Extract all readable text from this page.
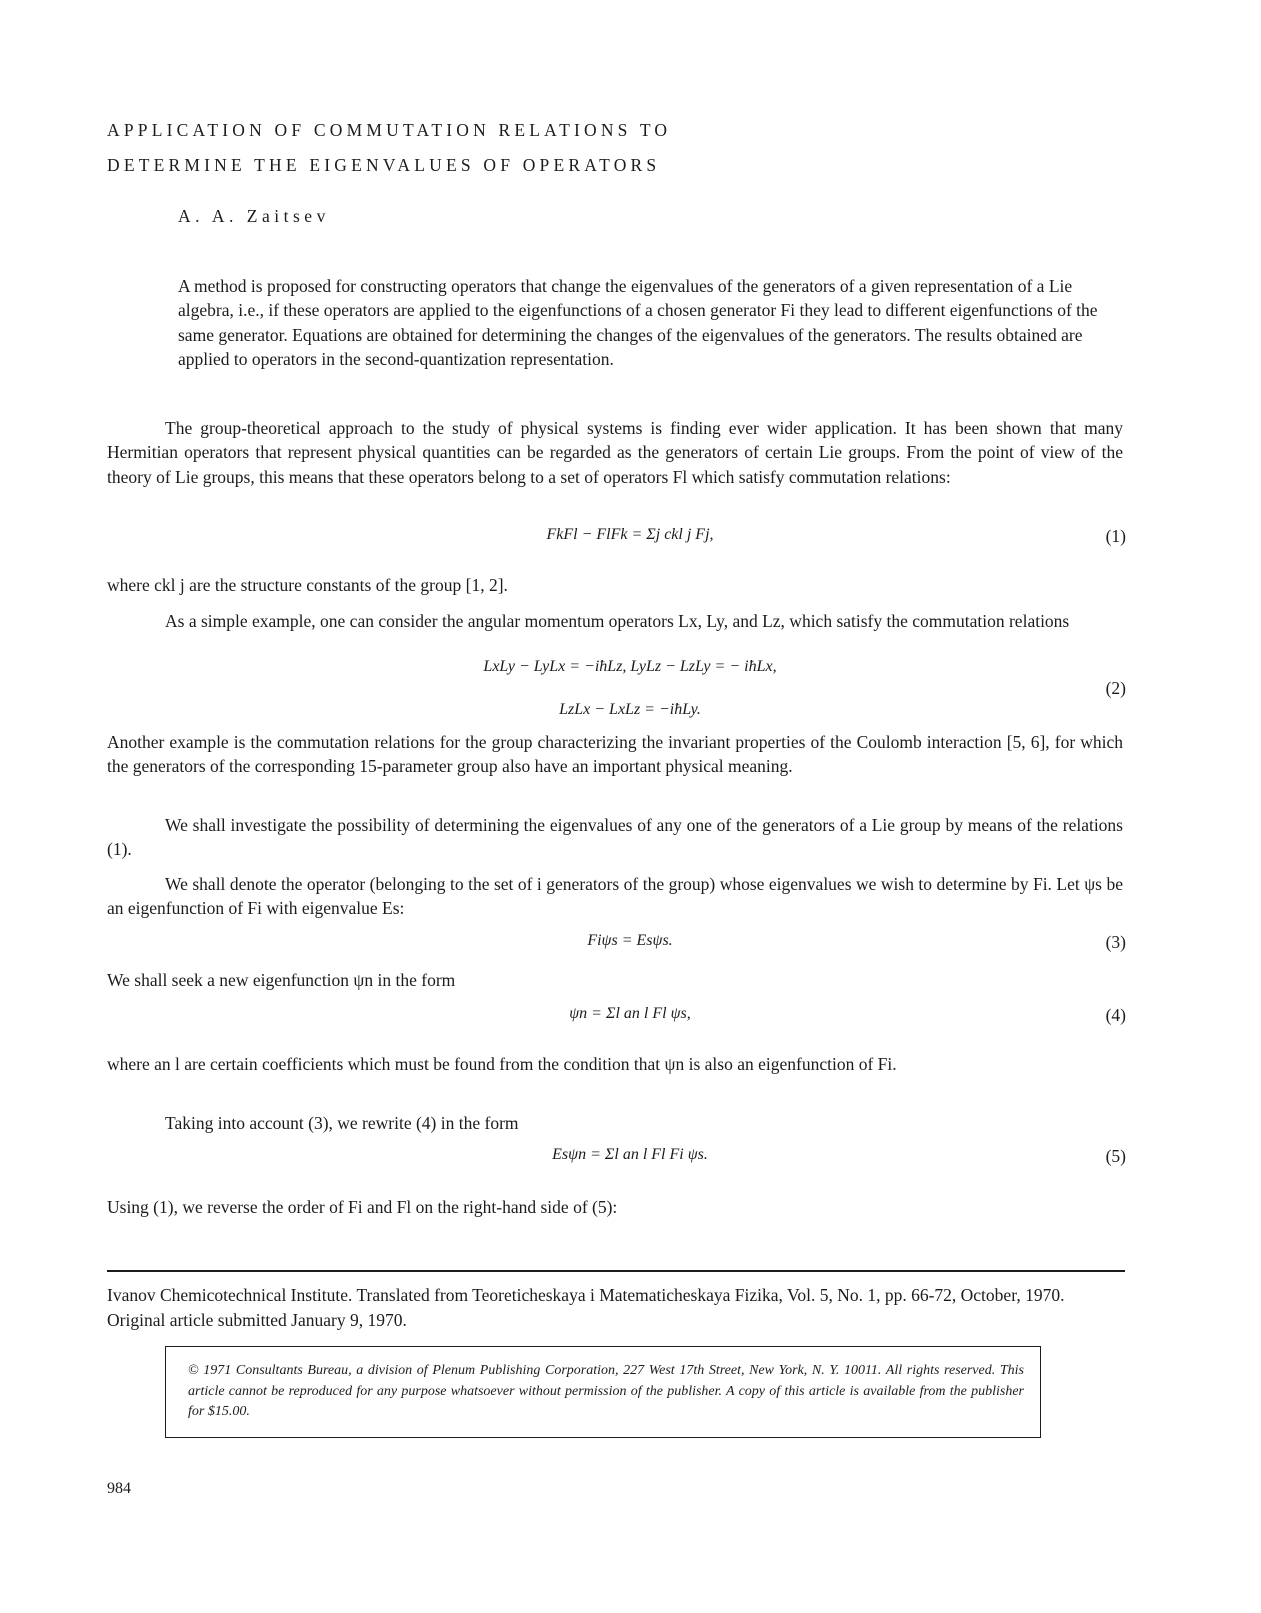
APPLICATION OF COMMUTATION RELATIONS TO
DETERMINE THE EIGENVALUES OF OPERATORS
A. A. Zaitsev
A method is proposed for constructing operators that change the eigenvalues of the generators of a given representation of a Lie algebra, i.e., if these operators are applied to the eigenfunctions of a chosen generator Fi they lead to different eigenfunctions of the same generator. Equations are obtained for determining the changes of the eigenvalues of the generators. The results obtained are applied to operators in the second-quantization representation.
The group-theoretical approach to the study of physical systems is finding ever wider application. It has been shown that many Hermitian operators that represent physical quantities can be regarded as the generators of certain Lie groups. From the point of view of the theory of Lie groups, this means that these operators belong to a set of operators Fl which satisfy commutation relations:
FkFl − FlFk = Σj ckl j Fj,	(1)
where ckl j are the structure constants of the group [1, 2].
As a simple example, one can consider the angular momentum operators Lx, Ly, and Lz, which satisfy the commutation relations
LxLy − LyLx = −iħLz, LyLz − LzLy = − iħLx,
(2)
LzLx − LxLz = −iħLy.
Another example is the commutation relations for the group characterizing the invariant properties of the Coulomb interaction [5, 6], for which the generators of the corresponding 15-parameter group also have an important physical meaning.
We shall investigate the possibility of determining the eigenvalues of any one of the generators of a Lie group by means of the relations (1).
We shall denote the operator (belonging to the set of i generators of the group) whose eigenvalues we wish to determine by Fi. Let ψs be an eigenfunction of Fi with eigenvalue Es:
Fiψs = Esψs.	(3)
We shall seek a new eigenfunction ψn in the form
ψn = Σl an l Fl ψs,	(4)
where an l are certain coefficients which must be found from the condition that ψn is also an eigenfunction of Fi.
Taking into account (3), we rewrite (4) in the form
Esψn = Σl an l Fl Fi ψs.	(5)
Using (1), we reverse the order of Fi and Fl on the right-hand side of (5):
Ivanov Chemicotechnical Institute. Translated from Teoreticheskaya i Matematicheskaya Fizika, Vol. 5, No. 1, pp. 66-72, October, 1970. Original article submitted January 9, 1970.
© 1971 Consultants Bureau, a division of Plenum Publishing Corporation, 227 West 17th Street, New York, N. Y. 10011. All rights reserved. This article cannot be reproduced for any purpose whatsoever without permission of the publisher. A copy of this article is available from the publisher for $15.00.
984
